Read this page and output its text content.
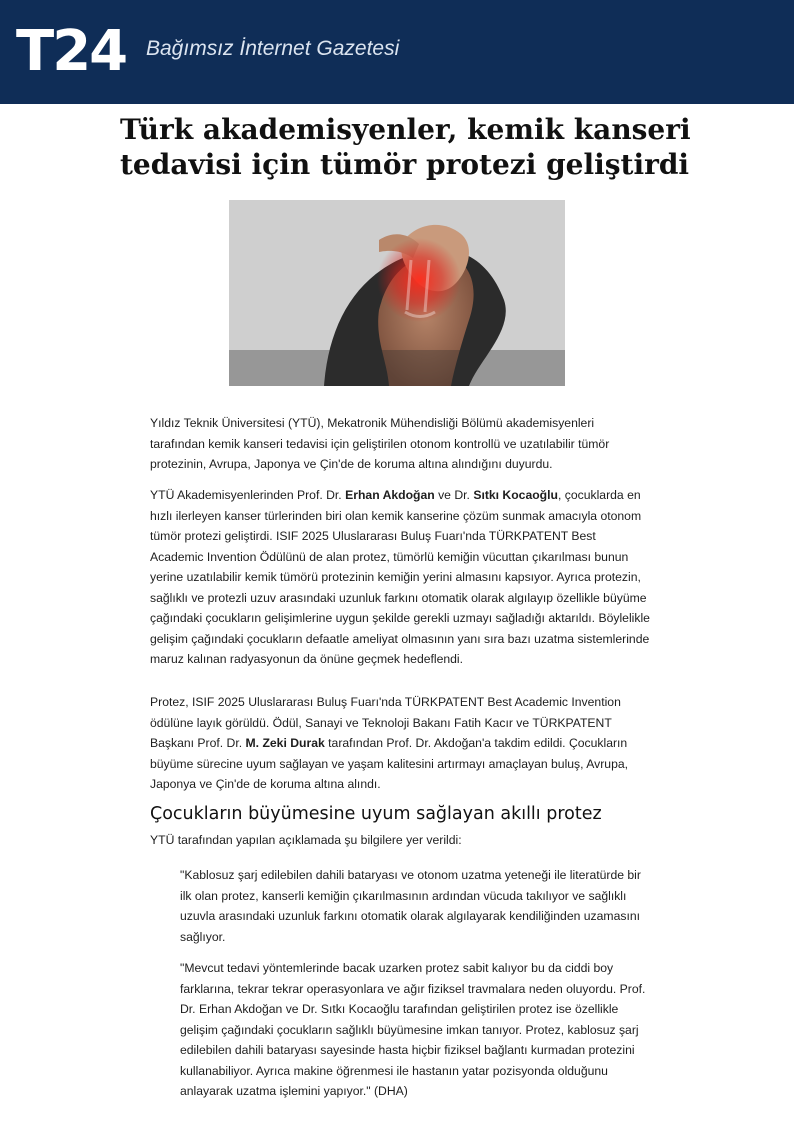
T24 Bağımsız İnternet Gazetesi
Türk akademisyenler, kemik kanseri tedavisi için tümör protezi geliştirdi

Yıldız Teknik Üniversitesi (YTÜ), Mekatronik Mühendisliği Bölümü akademisyenleri tarafından kemik kanseri tedavisi için geliştirilen otonom kontrollü ve uzatılabilir tümör protezinin, Avrupa, Japonya ve Çin'de de koruma altına alındığını duyurdu.

YTÜ Akademisyenlerinden Prof. Dr. Erhan Akdoğan ve Dr. Sıtkı Kocaoğlu, çocuklarda en hızlı ilerleyen kanser türlerinden biri olan kemik kanserine çözüm sunmak amacıyla otonom tümör protezi geliştirdi. ISIF 2025 Uluslararası Buluş Fuarı'nda TÜRKPATENT Best Academic Invention Ödülünü de alan protez, tümörlü kemiğin vücuttan çıkarılması bunun yerine uzatılabilir kemik tümörü protezinin kemiğin yerini almasını kapsıyor. Ayrıca protezin, sağlıklı ve protezli uzuv arasındaki uzunluk farkını otomatik olarak algılayıp özellikle büyüme çağındaki çocukların gelişimlerine uygun şekilde gerekli uzmayı sağladığı aktarıldı. Böylelikle gelişim çağındaki çocukların defaatle ameliyat olmasının yanı sıra bazı uzatma sistemlerinde maruz kalınan radyasyonun da önüne geçmek hedeflendi.

Protez, ISIF 2025 Uluslararası Buluş Fuarı'nda TÜRKPATENT Best Academic Invention ödülüne layık görüldü. Ödül, Sanayi ve Teknoloji Bakanı Fatih Kacır ve TÜRKPATENT Başkanı Prof. Dr. M. Zeki Durak tarafından Prof. Dr. Akdoğan'a takdim edildi. Çocukların büyüme sürecine uyum sağlayan ve yaşam kalitesini artırmayı amaçlayan buluş, Avrupa, Japonya ve Çin'de de koruma altına alındı.

Çocukların büyümesine uyum sağlayan akıllı protez

YTÜ tarafından yapılan açıklamada şu bilgilere yer verildi:

"Kablosuz şarj edilebilen dahili bataryası ve otonom uzatma yeteneği ile literatürde bir ilk olan protez, kanserli kemiğin çıkarılmasının ardından vücuda takılıyor ve sağlıklı uzuvla arasındaki uzunluk farkını otomatik olarak algılayarak kendiliğinden uzamasını sağlıyor.

"Mevcut tedavi yöntemlerinde bacak uzarken protez sabit kalıyor bu da ciddi boy farklarına, tekrar tekrar operasyonlara ve ağır fiziksel travmalara neden oluyordu. Prof. Dr. Erhan Akdoğan ve Dr. Sıtkı Kocaoğlu tarafından geliştirilen protez ise özellikle gelişim çağındaki çocukların sağlıklı büyümesine imkan tanıyor. Protez, kablosuz şarj edilebilen dahili bataryası sayesinde hasta hiçbir fiziksel bağlantı kurmadan protezini kullanabiliyor. Ayrıca makine öğrenmesi ile hastanın yatar pozisyonda olduğunu anlayarak uzatma işlemini yapıyor." (DHA)
